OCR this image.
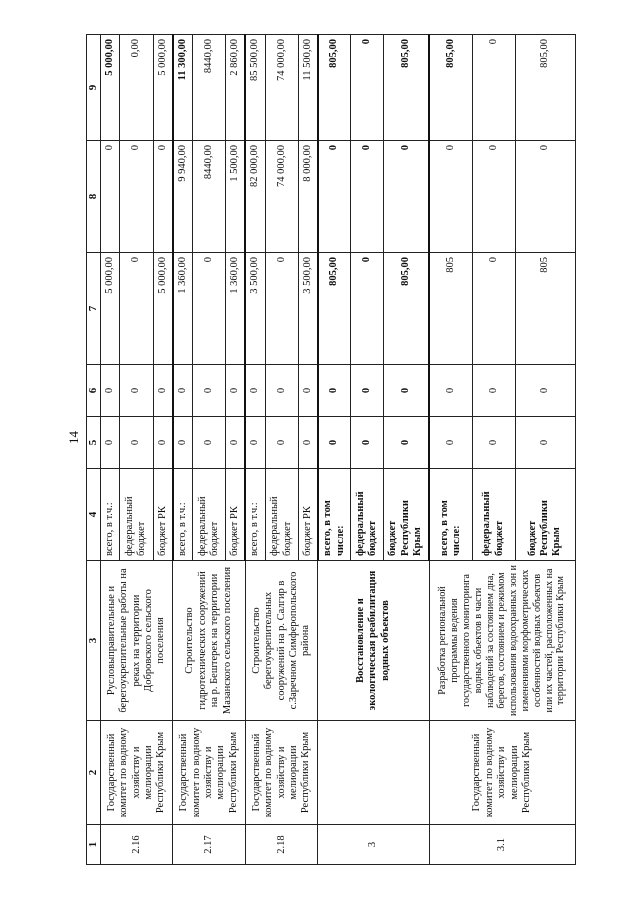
14
1	2	3	4	5	6	7	8	9
2.16	Государственный комитет по водному хозяйству и мелиорации Республики Крым	Русловыправительные и берегоукрепительные работы на реках на территории Добровского сельского поселения	всего, в т.ч.:	0	0	5 000,00	0	5 000,00
			федеральный бюджет	0	0	0	0	0,00
			бюджет РК	0	0	5 000,00	0	5 000,00
2.17	Государственный комитет по водному хозяйству и мелиорации Республики Крым	Строительство гидротехнических сооружений на р. Бештерек на территории Мазанского сельского поселения	всего, в т.ч.:	0	0	1 360,00	9 940,00	11 300,00
			федеральный бюджет	0	0	0	8440,00	8440,00
			бюджет РК	0	0	1 360,00	1 500,00	2 860,00
2.18	Государственный комитет по водному хозяйству и мелиорации Республики Крым	Строительство берегоукрепительных сооружений на р. Салгир в с.Заречном Симферопольского района	всего, в т.ч.:	0	0	3 500,00	82 000,00	85 500,00
			федеральный бюджет	0	0	0	74 000,00	74 000,00
			бюджет РК	0	0	3 500,00	8 000,00	11 500,00
3		Восстановление и экологическая реабилитация водных объектов	всего, в том числе:	0	0	805,00	0	805,00
			федеральный бюджет	0	0	0	0	0
			бюджет Республики Крым	0	0	805,00	0	805,00
3.1	Государственный комитет по водному хозяйству и мелиорации Республики Крым	Разработка региональной программы ведения государственного мониторинга водных объектов в части наблюдений за состоянием дна, берегов, состоянием и режимом использования водоохранных зон и изменениями морфометрических особенностей водных объектов или их частей, расположенных на территории Республики Крым	всего, в том числе:	0	0	805	0	805,00
			федеральный бюджет	0	0	0	0	0
			бюджет Республики Крым	0	0	805	0	805,00
